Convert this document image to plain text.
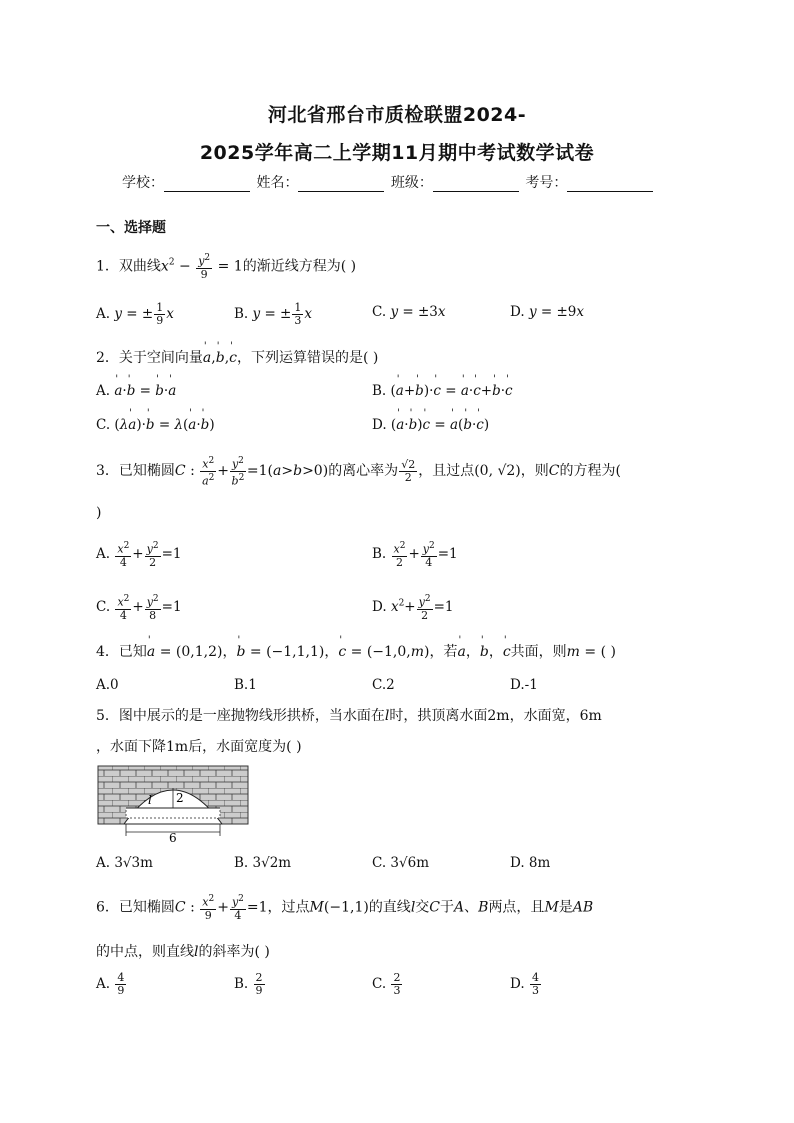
河北省邢台市质检联盟2024-
2025学年高二上学期11月期中考试数学试卷
学校：	姓名：	班级：	考号：
一、选择题
1．双曲线$x^2 - \frac{y^2}{9} = 1$的渐近线方程为( )
A. y = ± $\frac{1}{9}$ x	B. y = ± $\frac{1}{3}$ x	C. y = ±3x	D. y = ±9x
2．关于空间向量' a,' b,' c，下列运算错误的是( )
A. ' a·' b = ' b·' a	B. (' a+' b)·' c = ' a·' c+' b·' c
C. (λ' a)·' b = λ(' a·' b)	D. (' a·' b)' c = ' a(' b·' c)
3．已知椭圆C : $\frac{x^2}{a^2} + \frac{y^2}{b^2} =1(a>b>0)$的离心率为 $\frac{√2}{2}$ ，且过点(0, √2)，则C的方程为(
)
A. $\frac{x^2}{4} + \frac{y^2}{2} =1$	B. $\frac{x^2}{2} + \frac{y^2}{4} =1$
C. $\frac{x^2}{4} + \frac{y^2}{8} =1$	D. $x^2+ \frac{y^2}{2} =1$
4．已知' a = (0,1,2)，' b = (−1,1,1)，' c = (−1,0,m)，若' a，' b，' c共面，则m = ( )
A.0	B.1	C.2	D.-1
5．图中展示的是一座抛物线形拱桥，当水面在l时，拱顶离水面2m，水面宽，6m
，水面下降1m后，水面宽度为( )
2
l
6
A. 3√3m	B. 3√2m	C. 3√6m	D. 8m
6．已知椭圆C : $\frac{x^2}{9} + \frac{y^2}{4} =1$，过点M(−1,1)的直线l交C于A、B两点，且M是AB
的中点，则直线l的斜率为( )
A. $\frac{4}{9}$	B. $\frac{2}{9}$	C. $\frac{2}{3}$	D. $\frac{4}{3}$
